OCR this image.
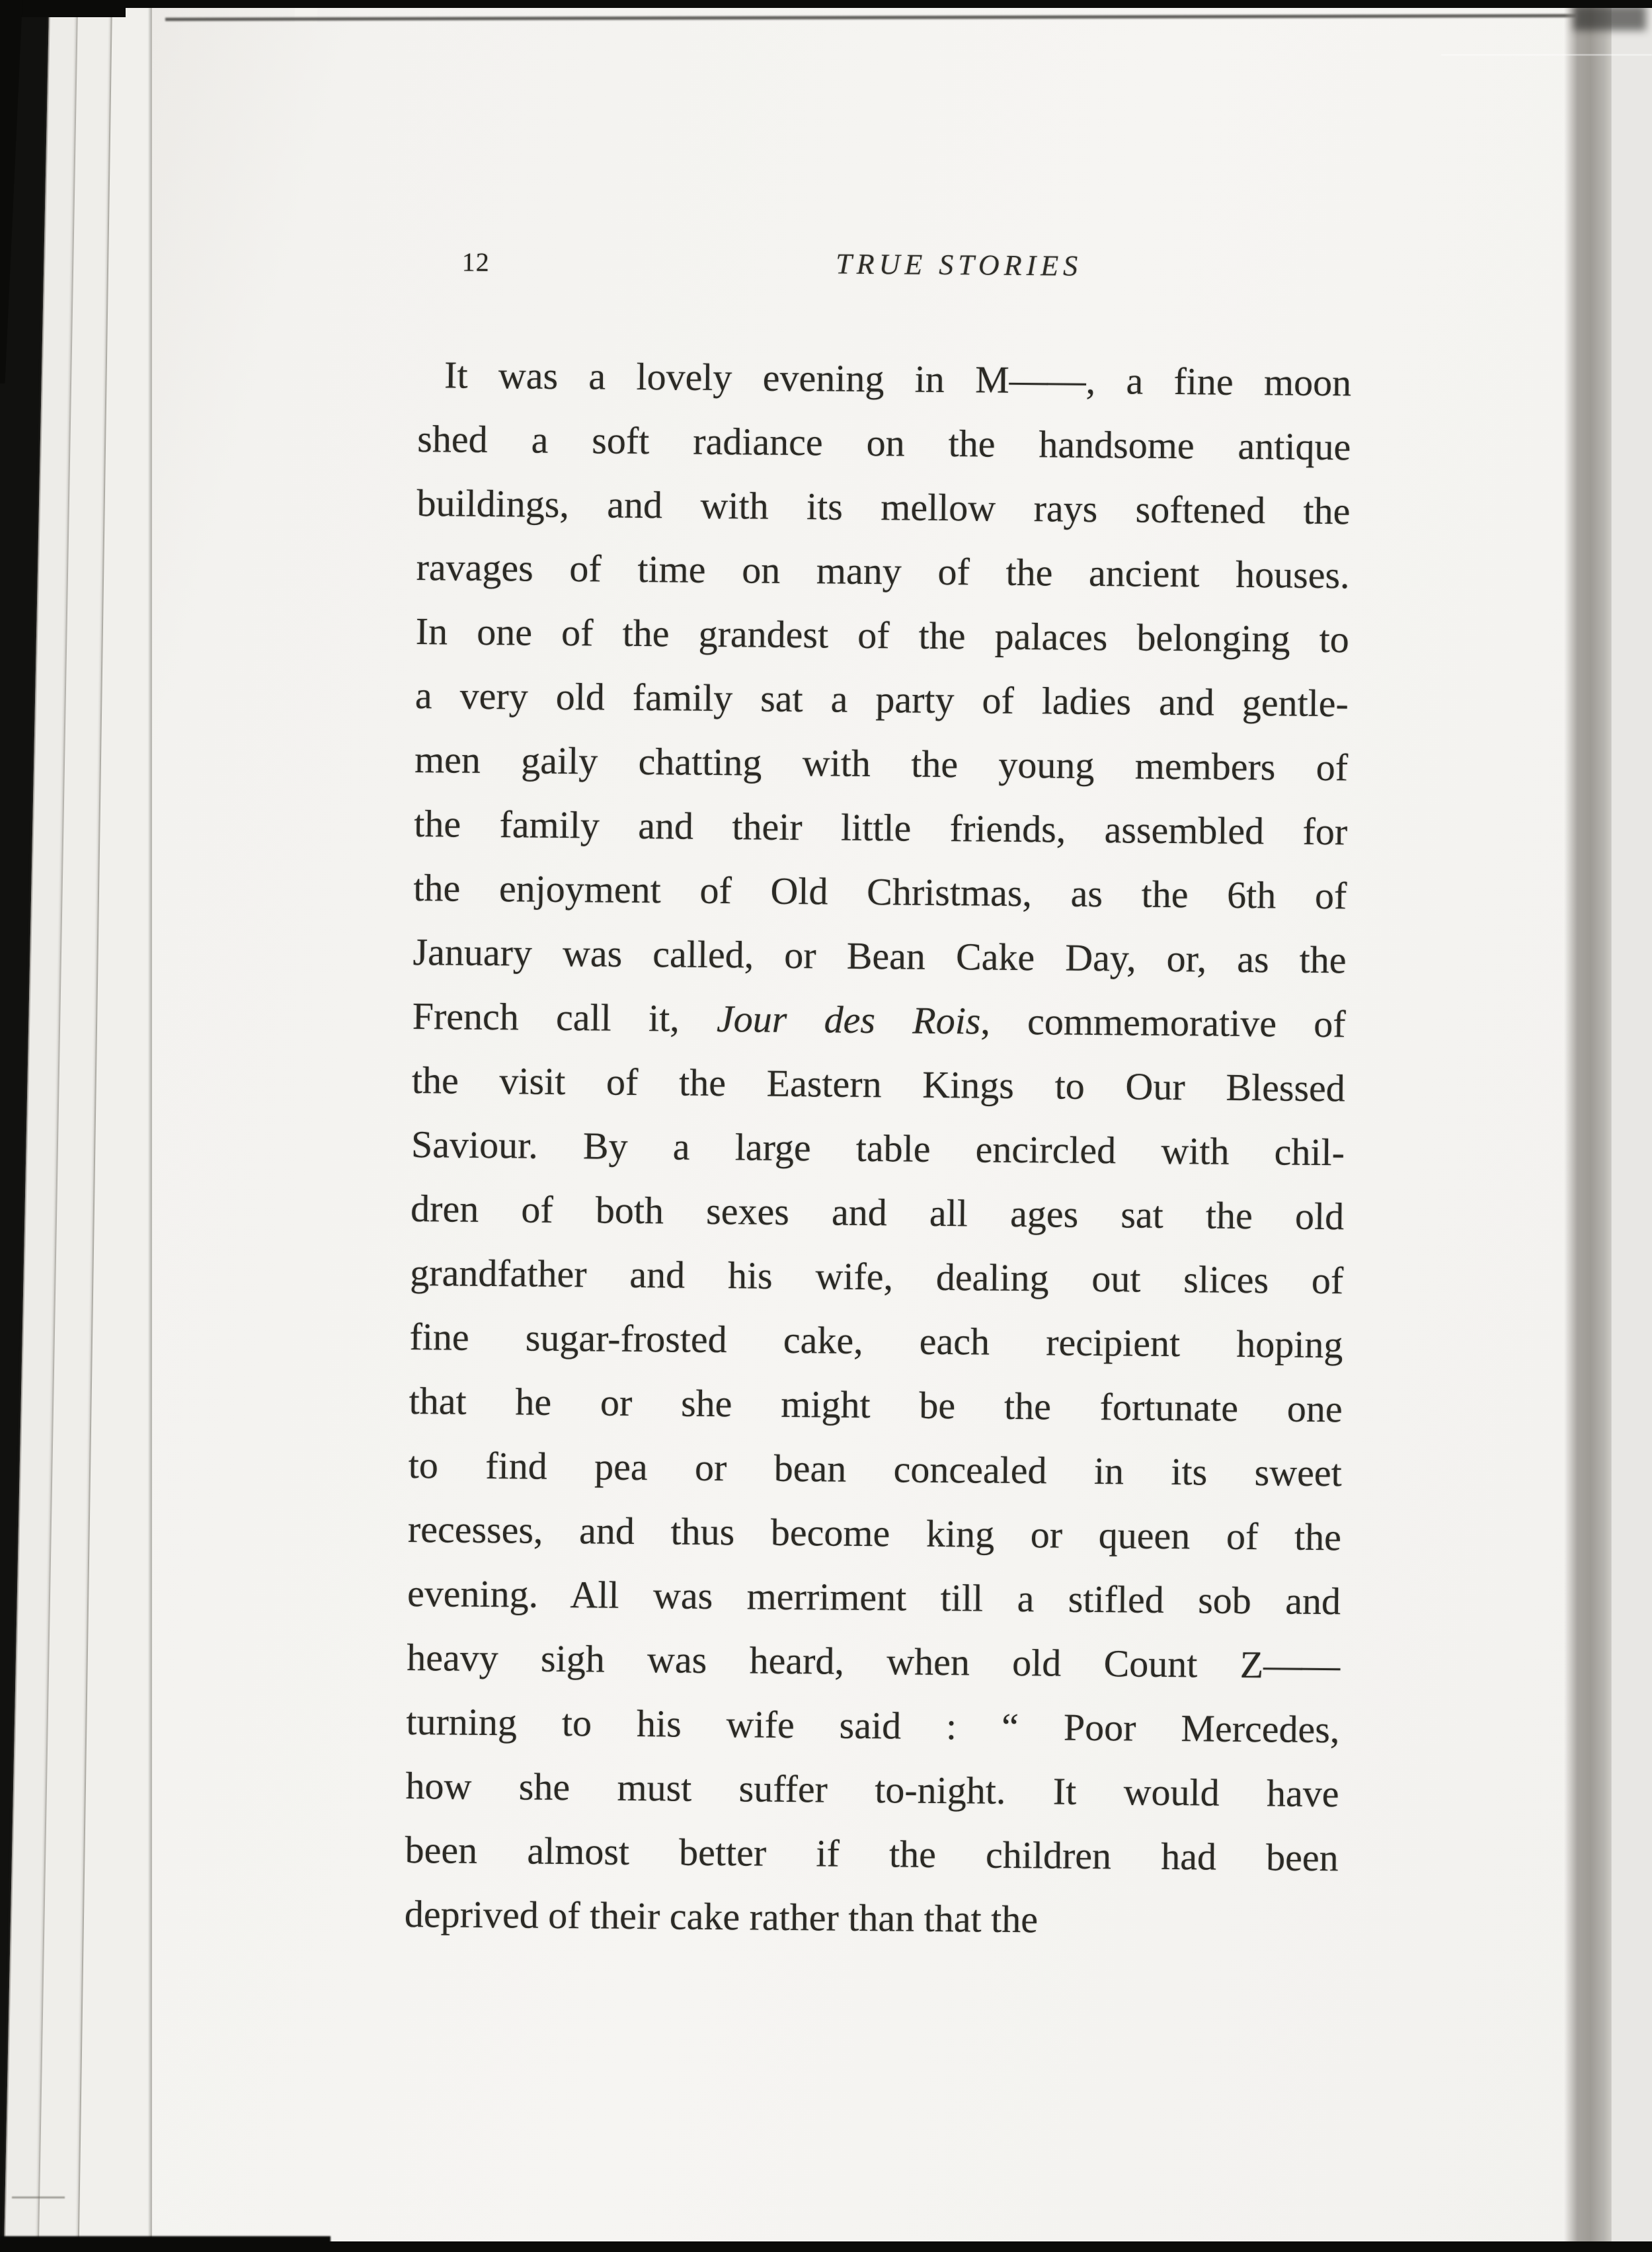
12	TRUE STORIES
It was a lovely evening in M——, a fine moon
shed a soft radiance on the handsome antique
buildings, and with its mellow rays softened the
ravages of time on many of the ancient houses.
In one of the grandest of the palaces belonging to
a very old family sat a party of ladies and gentle-
men gaily chatting with the young members of
the family and their little friends, assembled for
the enjoyment of Old Christmas, as the 6th of
January was called, or Bean Cake Day, or, as the
French call it, Jour des Rois, commemorative of
the visit of the Eastern Kings to Our Blessed
Saviour. By a large table encircled with chil-
dren of both sexes and all ages sat the old
grandfather and his wife, dealing out slices of
fine sugar-frosted cake, each recipient hoping
that he or she might be the fortunate one
to find pea or bean concealed in its sweet
recesses, and thus become king or queen of the
evening. All was merriment till a stifled sob and
heavy sigh was heard, when old Count Z——
turning to his wife said : “ Poor Mercedes,
how she must suffer to-night. It would have
been almost better if the children had been
deprived of their cake rather than that the
